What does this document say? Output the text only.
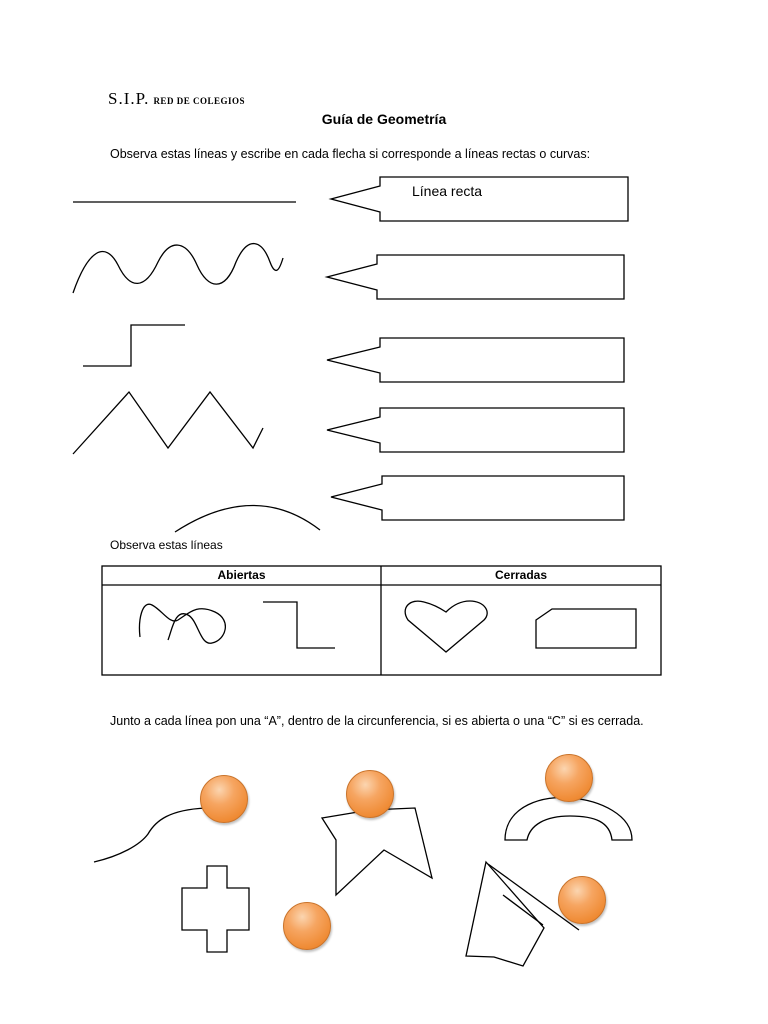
S.I.P. RED DE COLEGIOS
Guía de Geometría
Observa estas líneas y escribe en cada flecha si corresponde a líneas rectas o curvas:
Línea recta
Observa estas líneas
Abiertas	Cerradas
Junto a cada línea pon una “A”, dentro de la circunferencia, si es abierta o una “C” si es cerrada.
